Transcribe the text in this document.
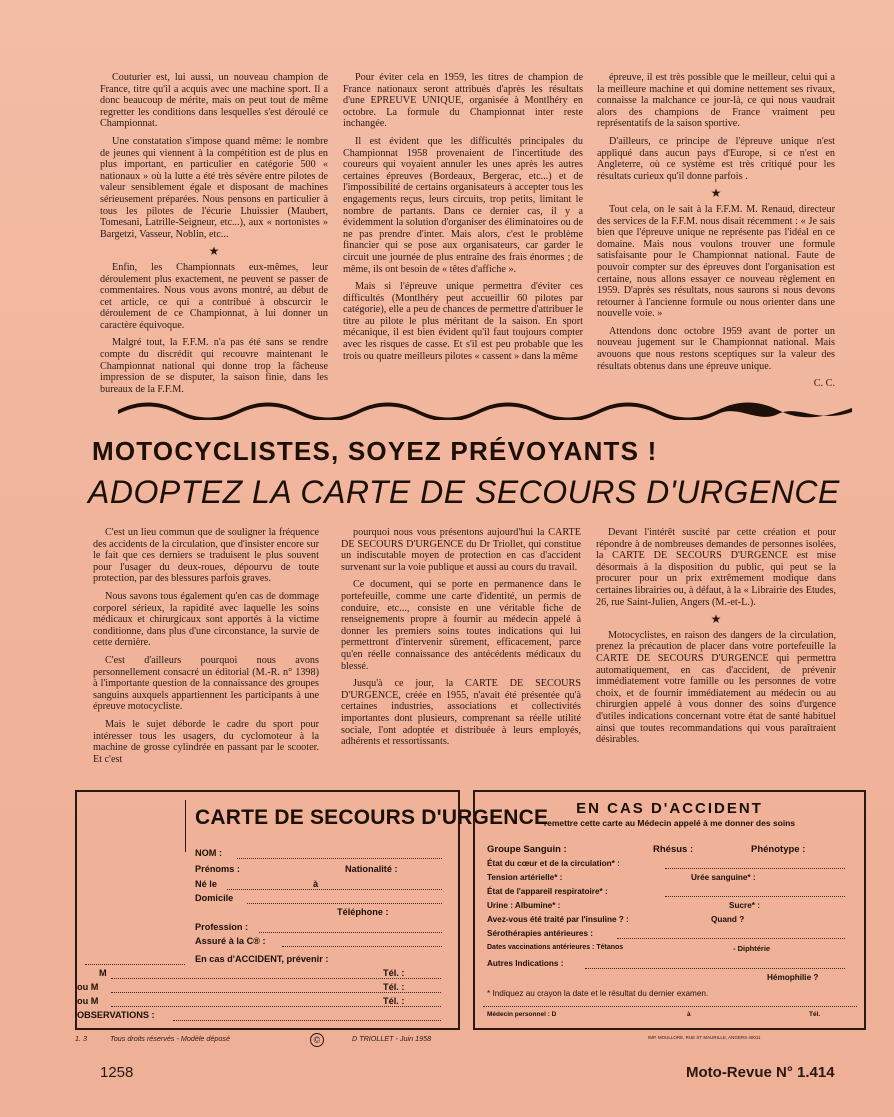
Couturier est, lui aussi, un nouveau champion de France, titre qu'il a acquis avec une machine sport. Il a donc beaucoup de mérite, mais on peut tout de même regretter les conditions dans lesquelles s'est déroulé ce Championnat.

Une constatation s'impose quand même: le nombre de jeunes qui viennent à la compétition est de plus en plus important, en particulier en catégorie 500 « nationaux » où la lutte a été très sévère entre pilotes de valeur sensiblement égale et disposant de machines sérieusement préparées. Nous pensons en particulier à tous les pilotes de l'écurie Lhuissier (Maubert, Tomesani, Latrille-Seigneur, etc...), aux « nortonistes » Bargetzi, Vasseur, Noblin, etc...

★

Enfin, les Championnats eux-mêmes, leur déroulement plus exactement, ne peuvent se passer de commentaires. Nous vous avons montré, au début de cet article, ce qui a contribué à obscurcir le déroulement de ce Championnat, à lui donner un caractère équivoque.

Malgré tout, la F.F.M. n'a pas été sans se rendre compte du discrédit qui recouvre maintenant le Championnat national qui donne trop la fâcheuse impression de se disputer, la saison finie, dans les bureaux de la F.F.M.

Pour éviter cela en 1959, les titres de champion de France nationaux seront attribués d'après les résultats d'une EPREUVE UNIQUE, organisée à Montlhéry en octobre. La formule du Championnat inter reste inchangée.

Il est évident que les difficultés principales du Championnat 1958 provenaient de l'incertitude des coureurs qui voyaient annuler les unes après les autres certaines épreuves (Bordeaux, Bergerac, etc...) et de l'impossibilité de certains organisateurs à accepter tous les engagements reçus, leurs circuits, trop petits, limitant le nombre de partants. Dans ce dernier cas, il y a évidemment la solution d'organiser des éliminatoires ou de ne pas prendre d'inter. Mais alors, c'est le problème financier qui se pose aux organisateurs, car garder le circuit une journée de plus entraîne des frais énormes ; de même, ils ont besoin de « têtes d'affiche ».

Mais si l'épreuve unique permettra d'éviter ces difficultés (Montlhéry peut accueillir 60 pilotes par catégorie), elle a peu de chances de permettre d'attribuer le titre au pilote le plus méritant de la saison. En sport mécanique, il est bien évident qu'il faut toujours compter avec les risques de casse. Et s'il est peu probable que les trois ou quatre meilleurs pilotes « cassent » dans la même

épreuve, il est très possible que le meilleur, celui qui a la meilleure machine et qui domine nettement ses rivaux, connaisse la malchance ce jour-là, ce qui nous vaudrait alors des champions de France vraiment peu représentatifs de la saison sportive.

D'ailleurs, ce principe de l'épreuve unique n'est appliqué dans aucun pays d'Europe, si ce n'est en Angleterre, où ce système est très critiqué pour les résultats curieux qu'il donne parfois .

★

Tout cela, on le sait à la F.F.M. M. Renaud, directeur des services de la F.F.M. nous disait récemment : « Je sais bien que l'épreuve unique ne représente pas l'idéal en ce domaine. Mais nous voulons trouver une formule satisfaisante pour le Championnat national. Faute de pouvoir compter sur des épreuves dont l'organisation est certaine, nous allons essayer ce nouveau règlement en 1959. D'après ses résultats, nous saurons si nous devons retourner à l'ancienne formule ou nous orienter dans une nouvelle voie. »

Attendons donc octobre 1959 avant de porter un nouveau jugement sur le Championnat national. Mais avouons que nous restons sceptiques sur la valeur des résultats obtenus dans une épreuve unique.

C. C.

MOTOCYCLISTES, SOYEZ PRÉVOYANTS !
ADOPTEZ LA CARTE DE SECOURS D'URGENCE

C'est un lieu commun que de souligner la fréquence des accidents de la circulation, que d'insister encore sur le fait que ces derniers se traduisent le plus souvent pour l'usager du deux-roues, dépourvu de toute protection, par des blessures parfois graves.

Nous savons tous également qu'en cas de dommage corporel sérieux, la rapidité avec laquelle les soins médicaux et chirurgicaux sont apportés à la victime conditionne, dans plus d'une circonstance, la survie de cette dernière.

C'est d'ailleurs pourquoi nous avons personnellement consacré un éditorial (M.-R. n° 1398) à l'importante question de la connaissance des groupes sanguins auxquels appartiennent les participants à une épreuve motocycliste.

Mais le sujet déborde le cadre du sport pour intéresser tous les usagers, du cyclomoteur à la machine de grosse cylindrée en passant par le scooter. Et c'est

pourquoi nous vous présentons aujourd'hui la CARTE DE SECOURS D'URGENCE du Dr Triollet, qui constitue un indiscutable moyen de protection en cas d'accident survenant sur la voie publique et aussi au cours du travail.

Ce document, qui se porte en permanence dans le portefeuille, comme une carte d'identité, un permis de conduire, etc..., consiste en une véritable fiche de renseignements propre à fournir au médecin appelé à donner les premiers soins toutes indications qui lui permettront d'intervenir sûrement, efficacement, parce qu'en réelle connaissance des antécédents médicaux du blessé.

Jusqu'à ce jour, la CARTE DE SECOURS D'URGENCE, créée en 1955, n'avait été présentée qu'à certaines industries, associations et collectivités importantes dont plusieurs, comprenant sa réelle utilité sociale, l'ont adoptée et distribuée à leurs employés, adhérents et ressortissants.

Devant l'intérêt suscité par cette création et pour répondre à de nombreuses demandes de personnes isolées, la CARTE DE SECOURS D'URGENCE est mise désormais à la disposition du public, qui peut se la procurer pour un prix extrêmement modique dans certaines librairies ou, à défaut, à la « Librairie des Etudes, 26, rue Saint-Julien, Angers (M.-et-L.).

★

Motocyclistes, en raison des dangers de la circulation, prenez la précaution de placer dans votre portefeuille la CARTE DE SECOURS D'URGENCE qui permettra automatiquement, en cas d'accident, de prévenir immédiatement votre famille ou les personnes de votre choix, et de fournir immédiatement au médecin ou au chirurgien appelé à vous donner des soins d'urgence d'utiles indications concernant votre état de santé habituel ainsi que toutes recommandations qui vous paraîtraient désirables.

CARTE DE SECOURS D'URGENCE
NOM :
Prénoms :	Nationalité :
Né le	à
Domicile
Téléphone :
Profession :
Assuré à la C® :
En cas d'ACCIDENT, prévenir :
M	Tél. :
ou M	Tél. :
ou M	Tél. :
OBSERVATIONS :
EN CAS D'ACCIDENT
remettre cette carte au Médecin appelé à me donner des soins
Groupe Sanguin :	Rhésus :	Phénotype :
État du cœur et de la circulation* :
Tension artérielle* :	Urée sanguine* :
État de l'appareil respiratoire* :
Urine : Albumine* :	Sucre* :
Avez-vous été traité par l'insuline ? :	Quand ?
Sérothérapies antérieures :
Dates vaccinations antérieures : Tétanos	- Diphtérie
Autres Indications :
Hémophilie ?
* Indiquez au crayon la date et le résultat du dernier examen.
Médecin personnel : D	à	Tél.
1. 3	Tous droits réservés - Modèle déposé	©	D TRIOLLET - Juin 1958	IMP. MOULLORE, RUE ST MAURILLE, ANGERS 40011
1258	Moto-Revue N° 1.414
